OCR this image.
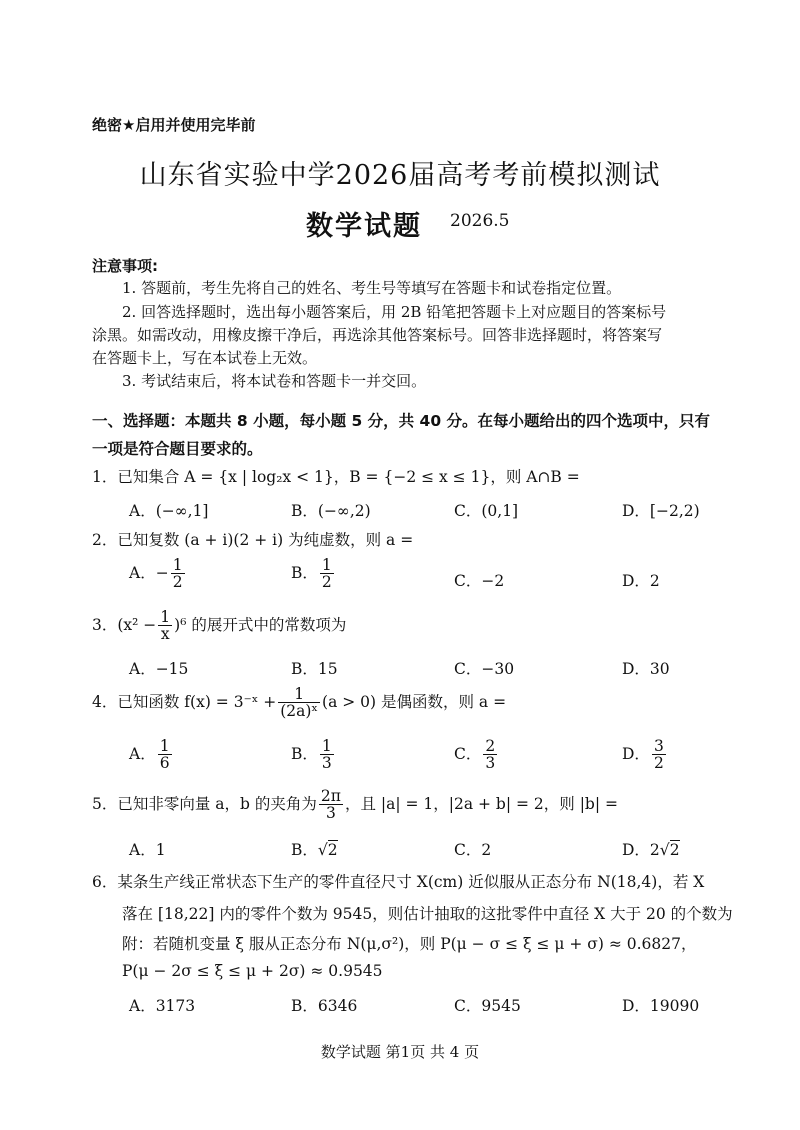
绝密★启用并使用完毕前
山东省实验中学2026届高考考前模拟测试
数学试题 2026.5
注意事项:
1. 答题前，考生先将自己的姓名、考生号等填写在答题卡和试卷指定位置。
2. 回答选择题时，选出每小题答案后，用 2B 铅笔把答题卡上对应题目的答案标号
涂黑。如需改动，用橡皮擦干净后，再选涂其他答案标号。回答非选择题时，将答案写
在答题卡上，写在本试卷上无效。
3. 考试结束后，将本试卷和答题卡一并交回。
一、选择题：本题共 8 小题，每小题 5 分，共 40 分。在每小题给出的四个选项中，只有
一项是符合题目要求的。
1．已知集合 A = {x | log₂x < 1}，B = {−2 ≤ x ≤ 1}，则 A∩B =
A．(−∞,1]	B．(−∞,2)	C．(0,1]	D．[−2,2)
2．已知复数 (a + i)(2 + i) 为纯虚数，则 a =
A．− $\frac{1}{2}$	B． $\frac{1}{2}$	C．−2	D．2
3．$(x^2 - \frac{1}{x} )^6$ 的展开式中的常数项为
A．−15	B．15	C．−30	D．30
4．已知函数 f(x) = 3⁻ˣ + $\frac{1}{\text{(2a)ˣ}} (a > 0)$ 是偶函数，则 a =
A． $\frac{1}{6}$	B． $\frac{1}{3}$	C． $\frac{2}{3}$	D． $\frac{3}{2}$
5．已知非零向量 a，b 的夹角为 $\frac{2\pi}{3}$ ，且 |a| = 1，|2a + b| = 2，则 |b| =
A．1	B．√2	C．2	D．2√2
6．某条生产线正常状态下生产的零件直径尺寸 X(cm) 近似服从正态分布 N(18,4)，若 X
落在 [18,22] 内的零件个数为 9545，则估计抽取的这批零件中直径 X 大于 20 的个数为
附：若随机变量 ξ 服从正态分布 N(μ,σ²)，则 P(μ − σ ≤ ξ ≤ μ + σ) ≈ 0.6827，
P(μ − 2σ ≤ ξ ≤ μ + 2σ) ≈ 0.9545
A．3173	B．6346	C．9545	D．19090
数学试题 第1页 共 4 页
